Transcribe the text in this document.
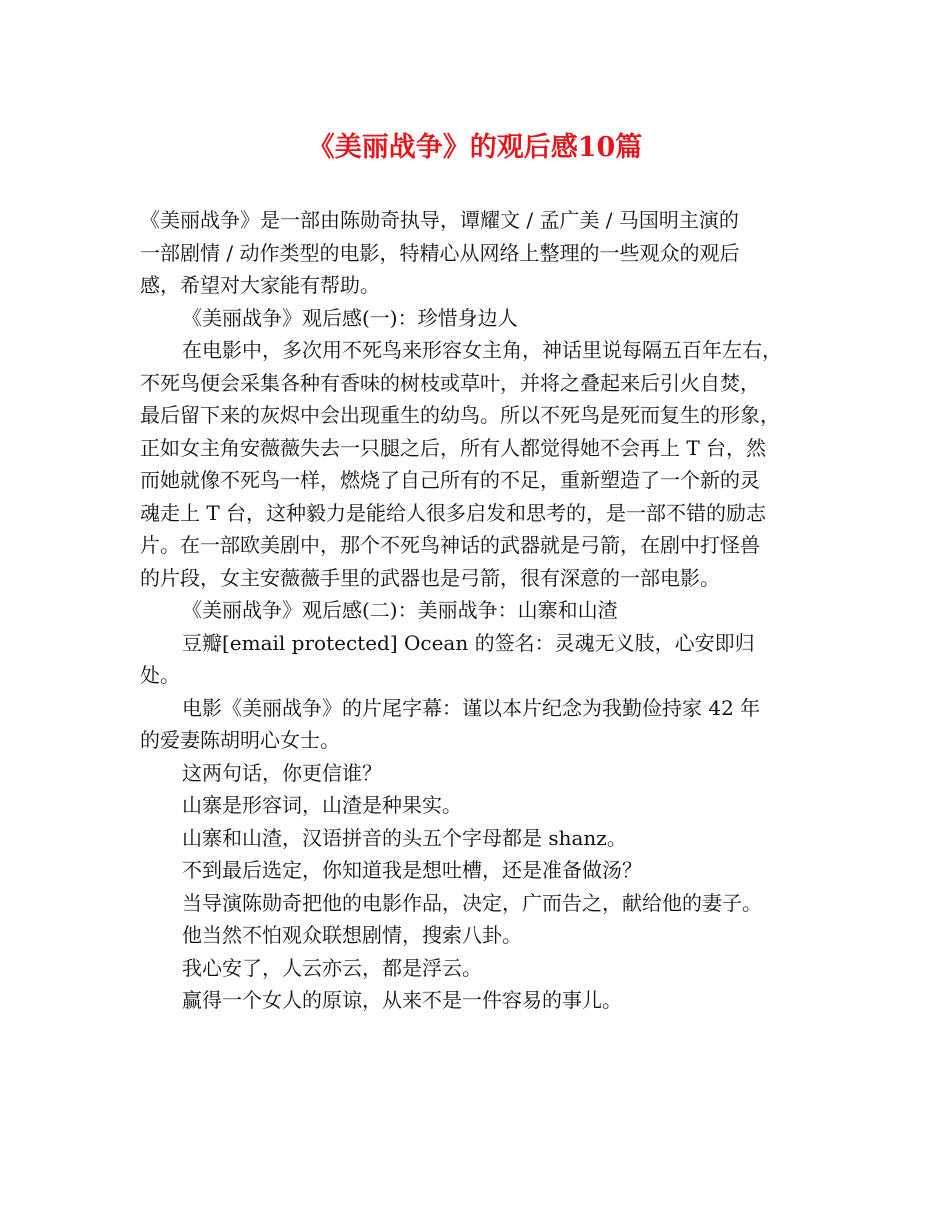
《美丽战争》的观后感10篇

《美丽战争》是一部由陈勋奇执导，谭耀文 / 孟广美 / 马国明主演的

一部剧情 / 动作类型的电影，特精心从网络上整理的一些观众的观后

感，希望对大家能有帮助。

《美丽战争》观后感(一)：珍惜身边人

在电影中，多次用不死鸟来形容女主角，神话里说每隔五百年左右，

不死鸟便会采集各种有香味的树枝或草叶，并将之叠起来后引火自焚，

最后留下来的灰烬中会出现重生的幼鸟。所以不死鸟是死而复生的形象，

正如女主角安薇薇失去一只腿之后，所有人都觉得她不会再上 T 台，然

而她就像不死鸟一样，燃烧了自己所有的不足，重新塑造了一个新的灵

魂走上 T 台，这种毅力是能给人很多启发和思考的，是一部不错的励志

片。在一部欧美剧中，那个不死鸟神话的武器就是弓箭，在剧中打怪兽

的片段，女主安薇薇手里的武器也是弓箭，很有深意的一部电影。

《美丽战争》观后感(二)：美丽战争：山寨和山渣

豆瓣[email protected] Ocean 的签名：灵魂无义肢，心安即归

处。

电影《美丽战争》的片尾字幕：谨以本片纪念为我勤俭持家 42 年

的爱妻陈胡明心女士。

这两句话，你更信谁？

山寨是形容词，山渣是种果实。

山寨和山渣，汉语拼音的头五个字母都是 shanz。

不到最后选定，你知道我是想吐槽，还是准备做汤？

当导演陈勋奇把他的电影作品，决定，广而告之，献给他的妻子。

他当然不怕观众联想剧情，搜索八卦。

我心安了，人云亦云，都是浮云。

赢得一个女人的原谅，从来不是一件容易的事儿。
